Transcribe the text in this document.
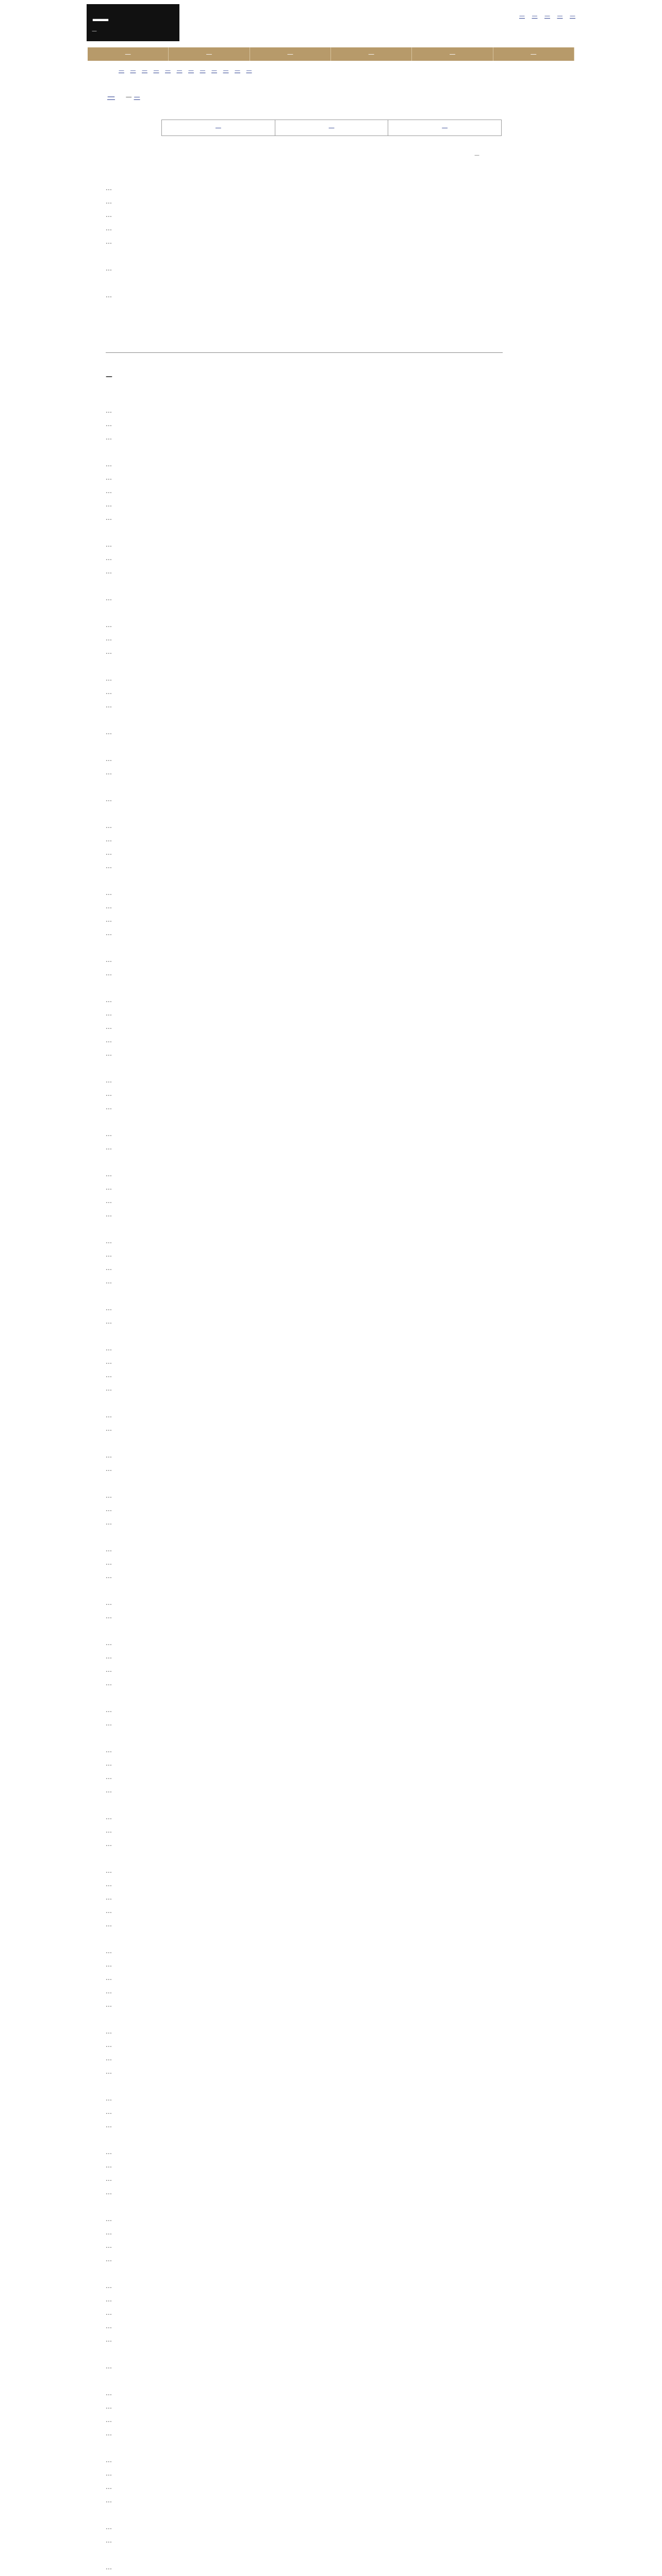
—
—
— — — — —
—	—	—	—	—	—
— — — — — — — — — — — —
— — —
—	—	—
—
…
…
…
…
…
…
…
—
…
…
…
…
…
…
…
…
…
…
…
…
…
…
…
…
…
…
…
…
…
…
…
…
…
…
…
…
…
…
…
…
…
…
…
…
…
…
…
…
…
…
…
…
…
…
…
…
…
…
…
…
…
…
…
…
…
…
…
…
…
…
…
…
…
…
…
…
…
…
…
…
…
…
…
…
…
…
…
…
…
…
…
…
…
…
…
…
…
…
…
…
…
…
…
…
…
…
…
…
…
…
…
…
…
…
…
…
…
…
…
…
…
…
…
…
…
…
…
…
…
…
…
